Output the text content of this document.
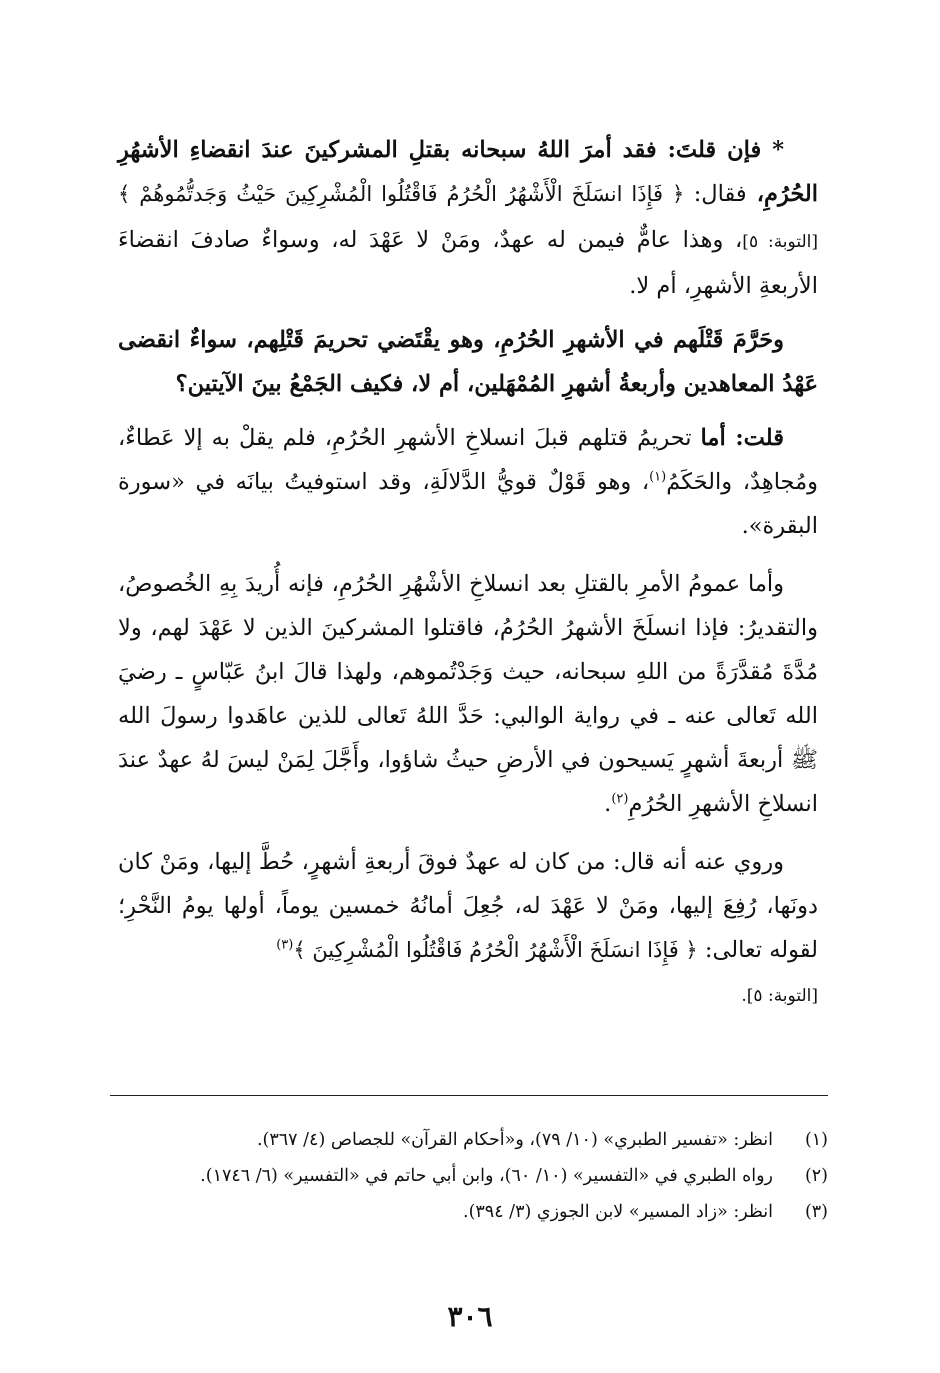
* فإن قلتَ: فقد أمرَ اللهُ سبحانه بقتلِ المشركينَ عندَ انقضاءِ الأشهُرِ الحُرُمِ، فقال: ﴿ فَإِذَا انسَلَخَ الْأَشْهُرُ الْحُرُمُ فَاقْتُلُوا الْمُشْرِكِينَ حَيْثُ وَجَدتُّمُوهُمْ ﴾ [التوبة: ٥]، وهذا عامٌّ فيمن له عهدٌ، ومَنْ لا عَهْدَ له، وسواءٌ صادفَ انقضاءَ الأربعةِ الأشهرِ، أم لا.

وحَرَّمَ قَتْلَهم في الأشهرِ الحُرُمِ، وهو يقْتَضي تحريمَ قَتْلِهم، سواءٌ انقضى عَهْدُ المعاهدين وأربعةُ أشهرِ المُمْهَلين، أم لا، فكيف الجَمْعُ بينَ الآيتين؟

قلت: أما تحريمُ قتلهم قبلَ انسلاخِ الأشهرِ الحُرُمِ، فلم يقلْ به إلا عَطاءٌ، ومُجاهِدٌ، والحَكَمُ$^{(١)}$، وهو قَوْلٌ قويُّ الدَّلالَةِ، وقد استوفيتُ بيانَه في «سورة البقرة».

وأما عمومُ الأمرِ بالقتلِ بعد انسلاخِ الأشْهُرِ الحُرُمِ، فإنه أُريدَ بِهِ الخُصوصُ، والتقديرُ: فإذا انسلَخَ الأشهرُ الحُرُمُ، فاقتلوا المشركينَ الذين لا عَهْدَ لهم، ولا مُدَّةَ مُقدَّرَةً من اللهِ سبحانه، حيث وَجَدْتُموهم، ولهذا قالَ ابنُ عَبّاسٍ ـ رضيَ الله تَعالى عنه ـ في رواية الوالبي: حَدَّ اللهُ تَعالى للذين عاهَدوا رسولَ الله ﷺ أربعةَ أشهرٍ يَسيحون في الأرضِ حيثُ شاؤوا، وأَجَّلَ لِمَنْ ليسَ لهُ عهدٌ عندَ انسلاخِ الأشهرِ الحُرُمِ$^{(٢)}$.

وروي عنه أنه قال: من كان له عهدٌ فوقَ أربعةِ أشهرٍ، حُطَّ إليها، ومَنْ كان دونَها، رُفِعَ إليها، ومَنْ لا عَهْدَ له، جُعِلَ أمانُهُ خمسين يوماً، أولها يومُ النَّحْرِ؛ لقوله تعالى: ﴿ فَإِذَا انسَلَخَ الْأَشْهُرُ الْحُرُمُ فَاقْتُلُوا الْمُشْرِكِينَ ﴾$^{(٣)}$
[التوبة: ٥].

(١)
انظر: «تفسير الطبري» (١٠/ ٧٩)، و«أحكام القرآن» للجصاص (٤/ ٣٦٧).
(٢)
رواه الطبري في «التفسير» (١٠/ ٦٠)، وابن أبي حاتم في «التفسير» (٦/ ١٧٤٦).
(٣)
انظر: «زاد المسير» لابن الجوزي (٣/ ٣٩٤).
٣٠٦
